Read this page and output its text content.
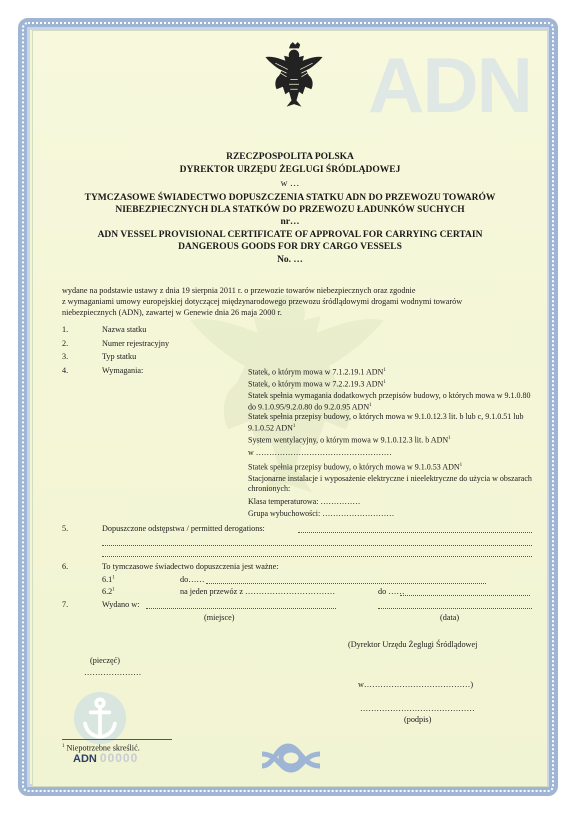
ADN
RZECZPOSPOLITA POLSKA
DYREKTOR URZĘDU ŻEGLUGI ŚRÓDLĄDOWEJ
w …
TYMCZASOWE ŚWIADECTWO DOPUSZCZENIA STATKU ADN DO PRZEWOZU TOWARÓW
NIEBEZPIECZNYCH DLA STATKÓW DO PRZEWOZU ŁADUNKÓW SUCHYCH
nr…
ADN VESSEL PROVISIONAL CERTIFICATE OF APPROVAL FOR CARRYING CERTAIN
DANGEROUS GOODS FOR DRY CARGO VESSELS
No. …
wydane na podstawie ustawy z dnia 19 sierpnia 2011 r. o przewozie towarów niebezpiecznych oraz zgodnie
z wymaganiami umowy europejskiej dotyczącej międzynarodowego przewozu śródlądowymi drogami wodnymi towarów
niebezpiecznych (ADN), zawartej w Genewie dnia 26 maja 2000 r.
1.	Nazwa statku
2.	Numer rejestracyjny
3.	Typ statku
4.	Wymagania:	Statek, o którym mowa w 7.1.2.19.1 ADN$^1$
Statek, o którym mowa w 7.2.2.19.3 ADN$^1$
Statek spełnia wymagania dodatkowych przepisów budowy, o których mowa w 9.1.0.80 do 9.1.0.95/9.2.0.80 do 9.2.0.95 ADN$^1$
Statek spełnia przepisy budowy, o których mowa w 9.1.0.12.3 lit. b lub c, 9.1.0.51 lub 9.1.0.52 ADN$^1$
System wentylacyjny, o którym mowa w 9.1.0.12.3 lit. b ADN$^1$
w ……………………………………………
Statek spełnia przepisy budowy, o których mowa w 9.1.0.53 ADN$^1$
Stacjonarne instalacje i wyposażenie elektryczne i nieelektryczne do użycia w obszarach chronionych:
Klasa temperaturowa: ……………
Grupa wybuchowości: ………………………
5.	Dopuszczone odstępstwa / permitted derogations:
6.	To tymczasowe świadectwo dopuszczenia jest ważne:
$6.1^1$	do……
$6.2^1$	na jeden przewóz z ……………………………	do ……
7.	Wydano w:
(miejsce)	(data)
(Dyrektor Urzędu Żeglugi Śródlądowej
(pieczęć)
…………………
w…………………………………)
……………………………………
(podpis)
$^1$ Niepotrzebne skreślić.
ADN 00000
